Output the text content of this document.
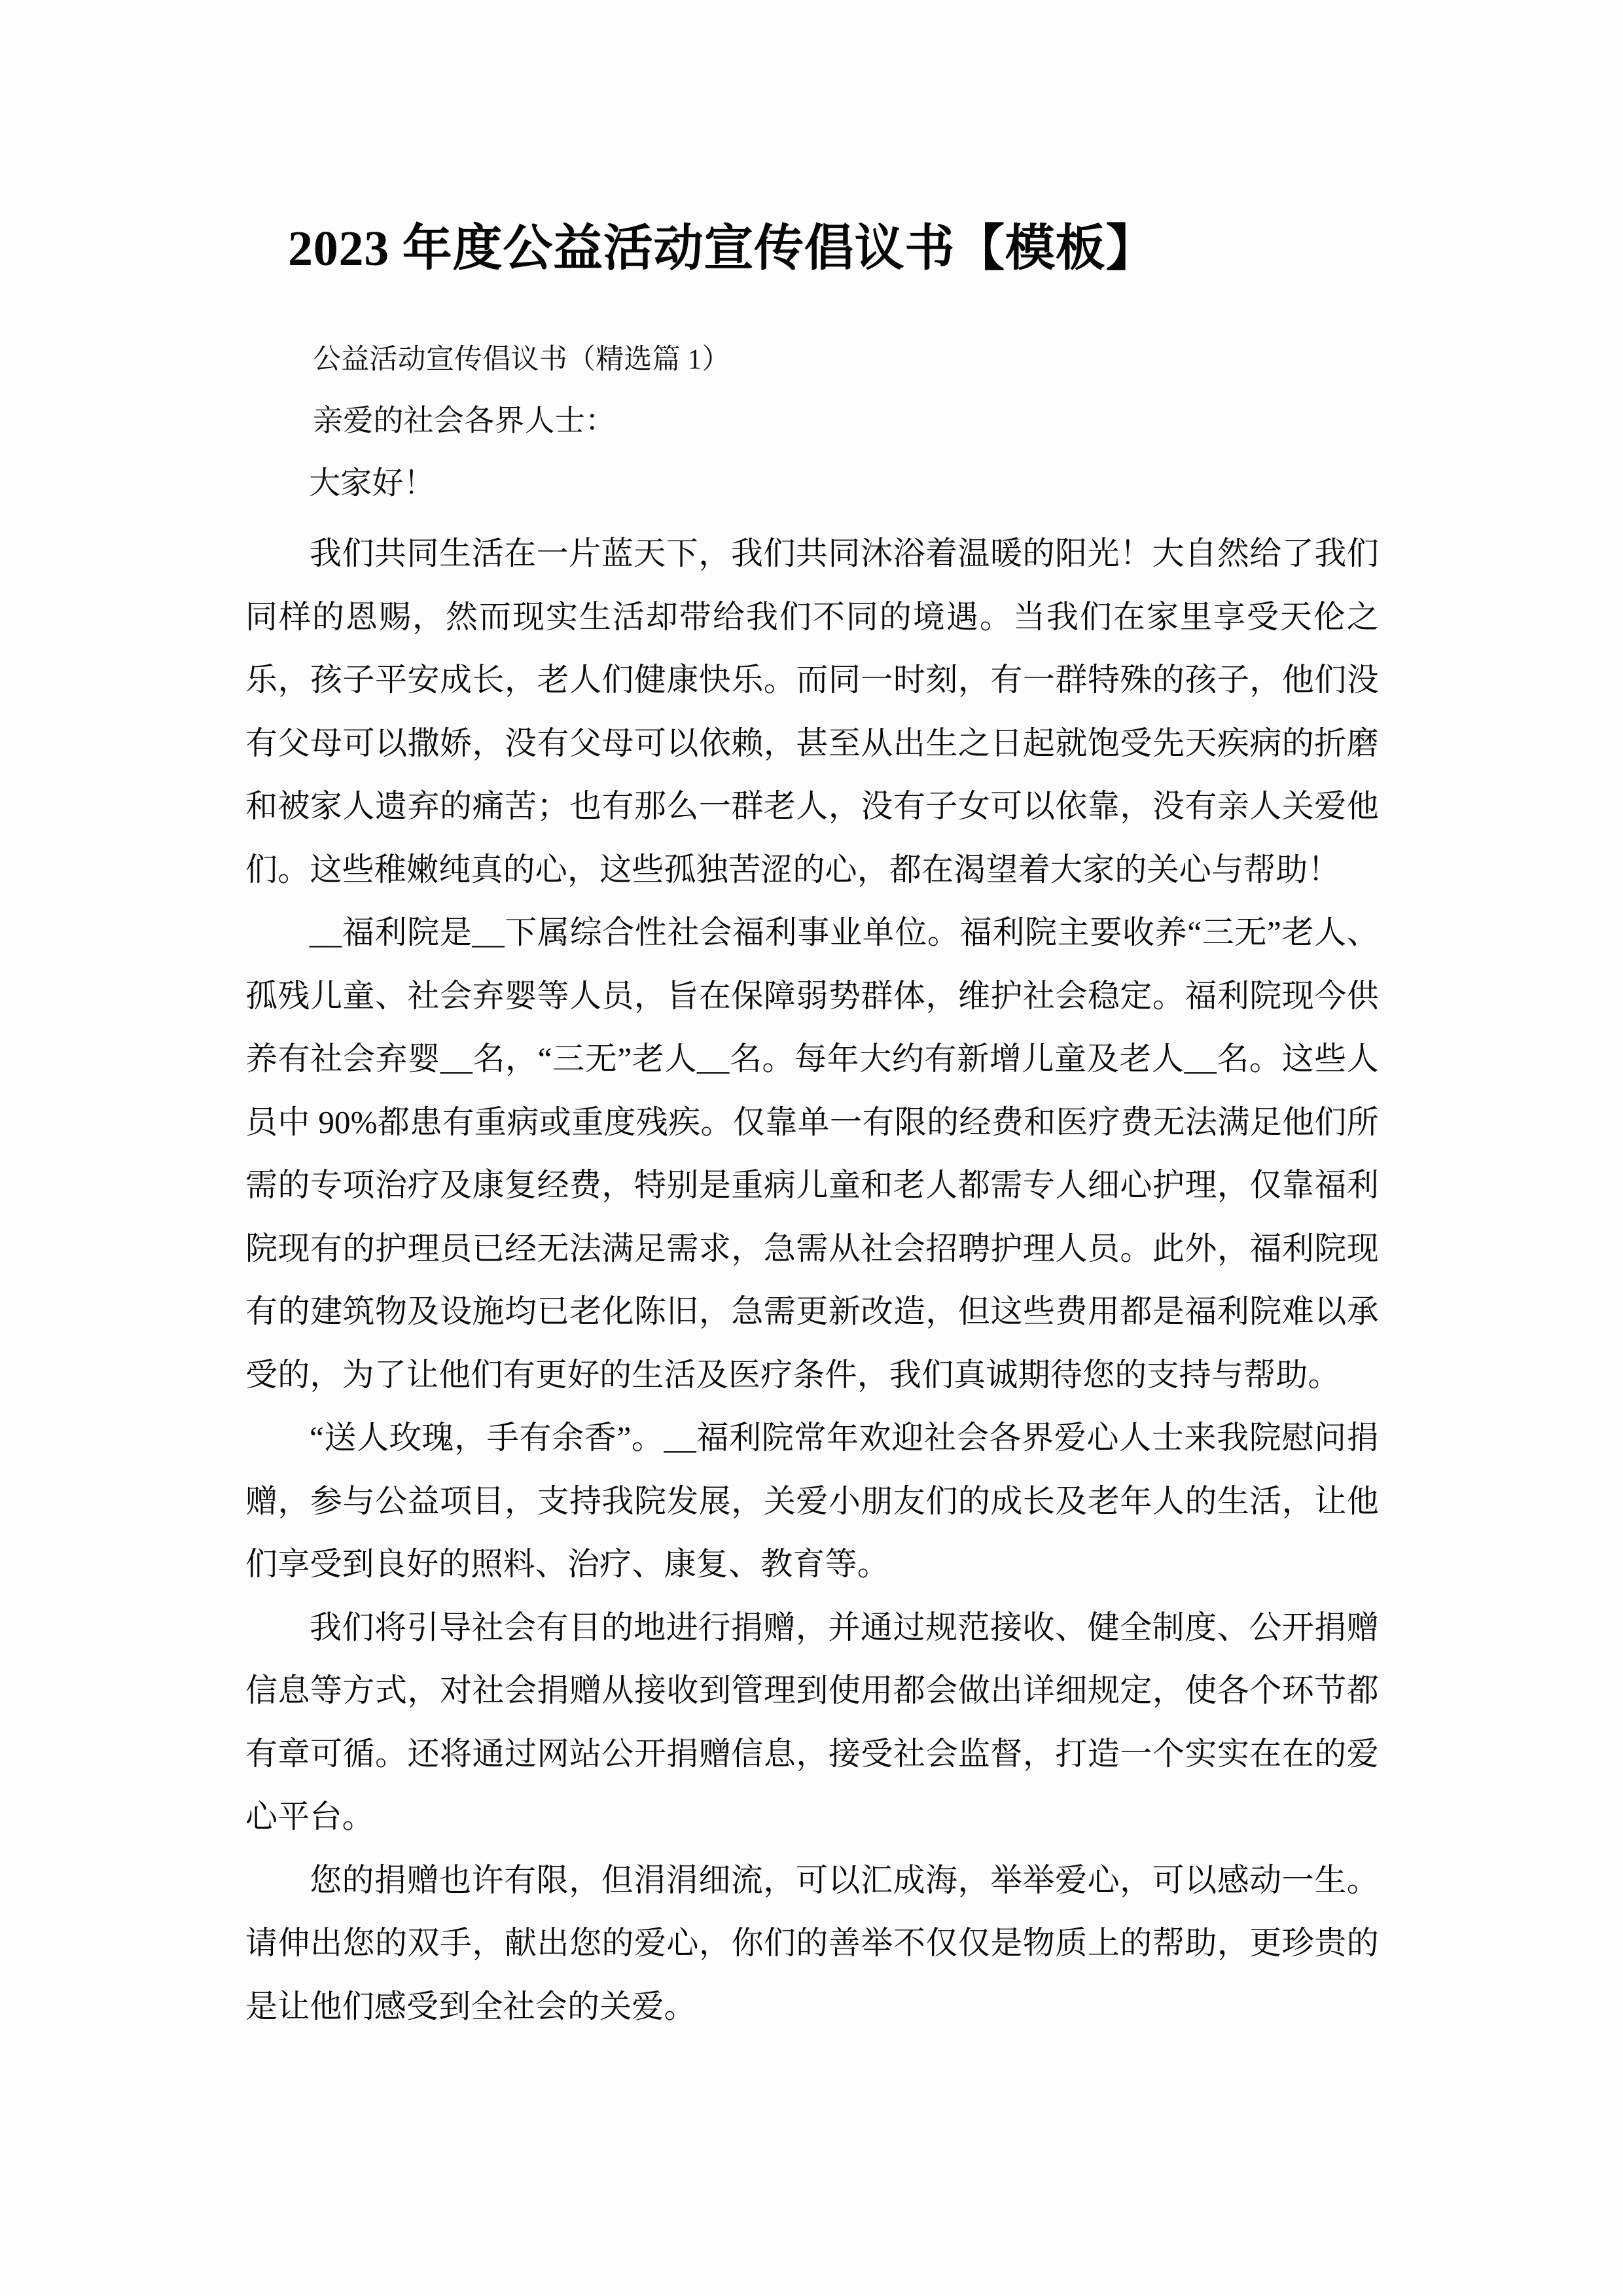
2023 年度公益活动宣传倡议书【模板】
公益活动宣传倡议书（精选篇 1）
亲爱的社会各界人士：
大家好！

我们共同生活在一片蓝天下，我们共同沐浴着温暖的阳光！大自然给了我们同样的恩赐，然而现实生活却带给我们不同的境遇。当我们在家里享受天伦之乐，孩子平安成长，老人们健康快乐。而同一时刻，有一群特殊的孩子，他们没有父母可以撒娇，没有父母可以依赖，甚至从出生之日起就饱受先天疾病的折磨和被家人遗弃的痛苦；也有那么一群老人，没有子女可以依靠，没有亲人关爱他们。这些稚嫩纯真的心，这些孤独苦涩的心，都在渴望着大家的关心与帮助！

__福利院是__下属综合性社会福利事业单位。福利院主要收养“三无”老人、孤残儿童、社会弃婴等人员，旨在保障弱势群体，维护社会稳定。福利院现今供养有社会弃婴__名，“三无”老人__名。每年大约有新增儿童及老人__名。这些人员中 90%都患有重病或重度残疾。仅靠单一有限的经费和医疗费无法满足他们所需的专项治疗及康复经费，特别是重病儿童和老人都需专人细心护理，仅靠福利院现有的护理员已经无法满足需求，急需从社会招聘护理人员。此外，福利院现有的建筑物及设施均已老化陈旧，急需更新改造，但这些费用都是福利院难以承受的，为了让他们有更好的生活及医疗条件，我们真诚期待您的支持与帮助。

“送人玫瑰，手有余香”。__福利院常年欢迎社会各界爱心人士来我院慰问捐赠，参与公益项目，支持我院发展，关爱小朋友们的成长及老年人的生活，让他们享受到良好的照料、治疗、康复、教育等。

我们将引导社会有目的地进行捐赠，并通过规范接收、健全制度、公开捐赠信息等方式，对社会捐赠从接收到管理到使用都会做出详细规定，使各个环节都有章可循。还将通过网站公开捐赠信息，接受社会监督，打造一个实实在在的爱心平台。

您的捐赠也许有限，但涓涓细流，可以汇成海，举举爱心，可以感动一生。请伸出您的双手，献出您的爱心，你们的善举不仅仅是物质上的帮助，更珍贵的是让他们感受到全社会的关爱。
